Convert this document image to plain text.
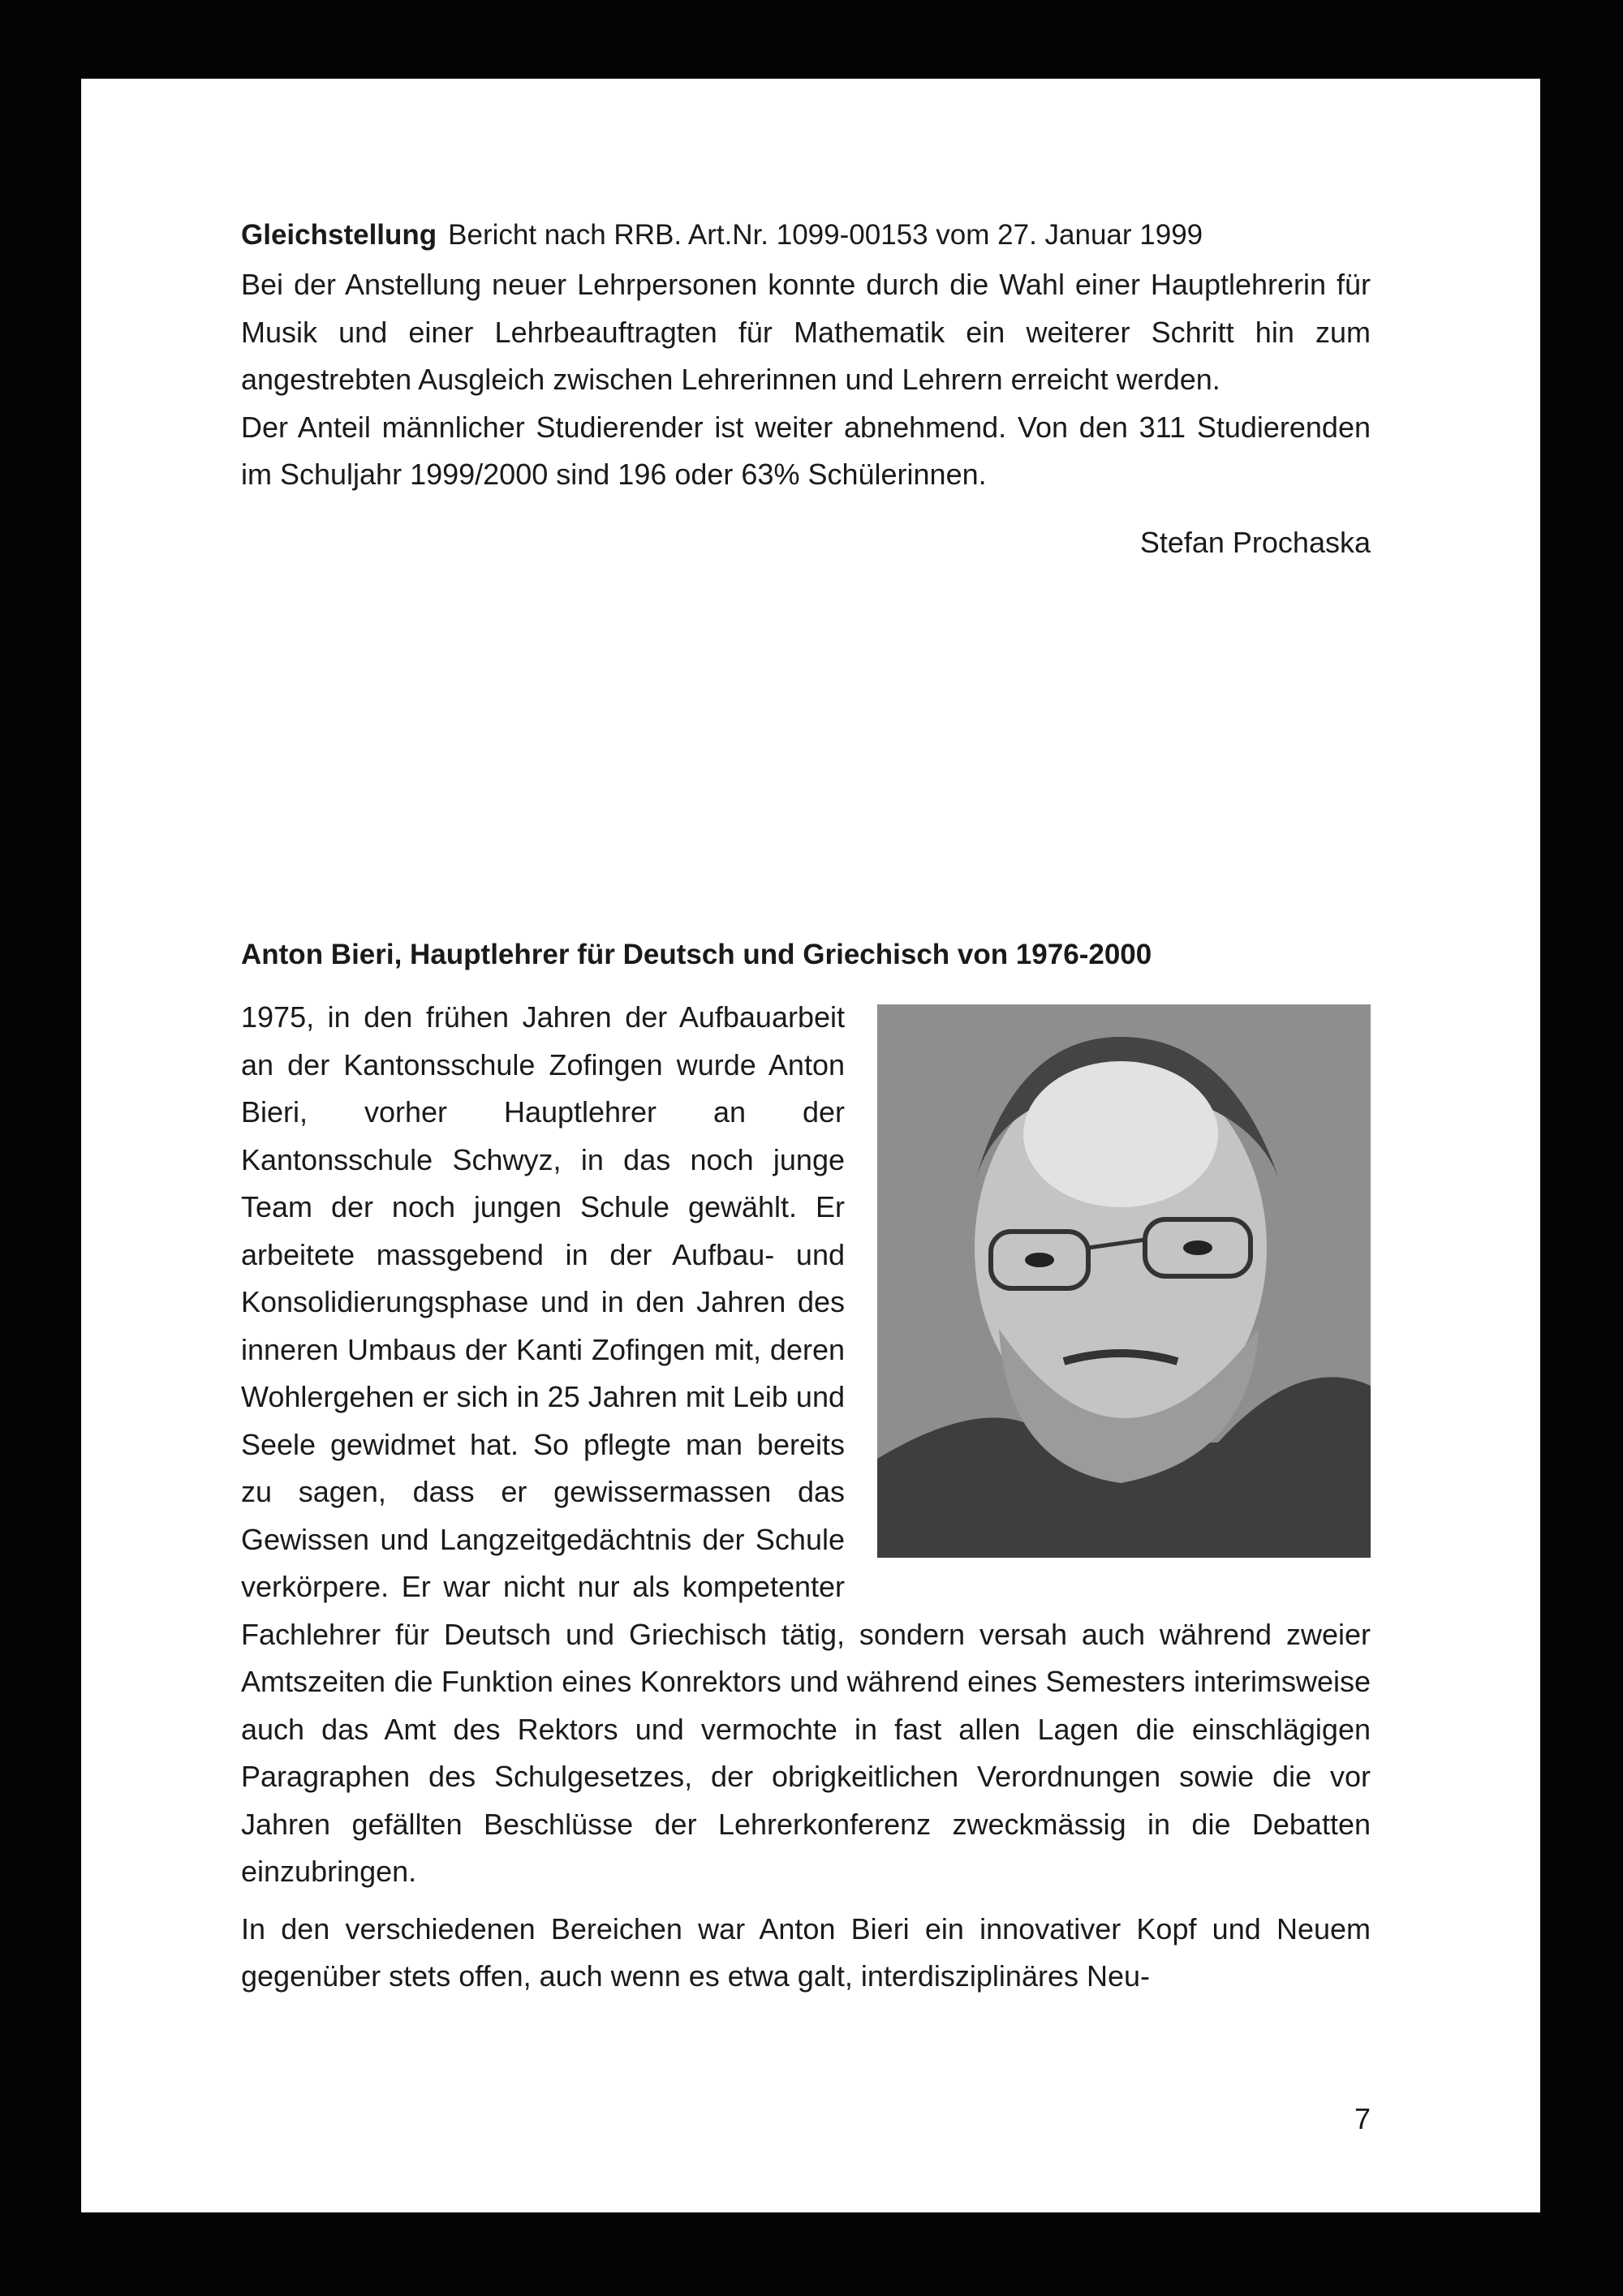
Gleichstellung Bericht nach RRB. Art.Nr. 1099-00153 vom 27. Januar 1999

Bei der Anstellung neuer Lehrpersonen konnte durch die Wahl einer Hauptlehrerin für Musik und einer Lehrbeauftragten für Mathematik ein weiterer Schritt hin zum angestrebten Ausgleich zwischen Lehrerinnen und Lehrern erreicht werden.

Der Anteil männlicher Studierender ist weiter abnehmend. Von den 311 Studierenden im Schuljahr 1999/2000 sind 196 oder 63% Schülerinnen.

Stefan Prochaska
Anton Bieri, Hauptlehrer für Deutsch und Griechisch von 1976-2000

1975, in den frühen Jahren der Aufbauarbeit an der Kantonsschule Zofingen wurde Anton Bieri, vorher Hauptlehrer an der Kantonsschule Schwyz, in das noch junge Team der noch jungen Schule gewählt. Er arbeitete massgebend in der Aufbau- und Konsolidierungsphase und in den Jahren des inneren Umbaus der Kanti Zofingen mit, deren Wohlergehen er sich in 25 Jahren mit Leib und Seele gewidmet hat. So pflegte man bereits zu sagen, dass er gewissermassen das Gewissen und Langzeitgedächtnis der Schule verkörpere. Er war nicht nur als kompetenter Fachlehrer für Deutsch und Griechisch tätig, sondern versah auch während zweier Amtszeiten die Funktion eines Konrektors und während eines Semesters interimsweise auch das Amt des Rektors und vermochte in fast allen Lagen die einschlägigen Paragraphen des Schulgesetzes, der obrigkeitlichen Verordnungen sowie die vor Jahren gefällten Beschlüsse der Lehrerkonferenz zweckmässig in die Debatten einzubringen.

In den verschiedenen Bereichen war Anton Bieri ein innovativer Kopf und Neuem gegenüber stets offen, auch wenn es etwa galt, interdisziplinäres Neu-

7
